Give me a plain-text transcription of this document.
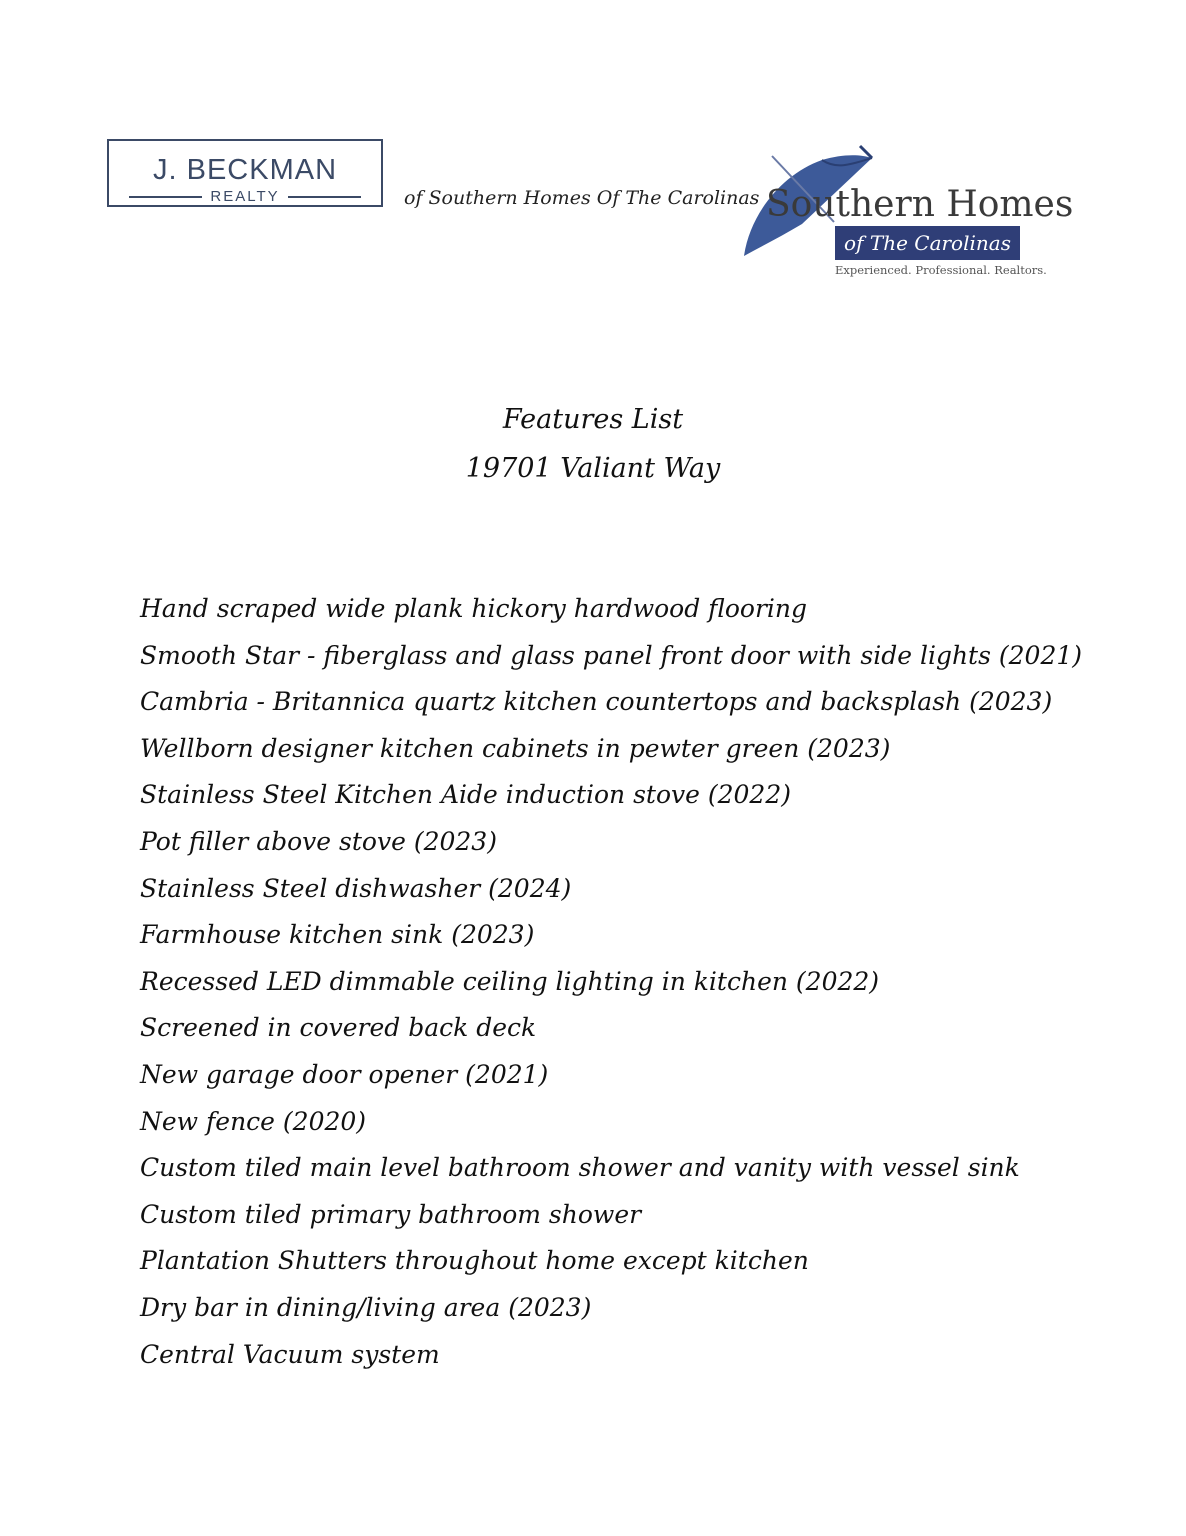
J. BECKMAN
REALTY	of Southern Homes Of The Carolinas Southern Homes
of The Carolinas
Experienced. Professional. Realtors.
Features List
19701 Valiant Way
Hand scraped wide plank hickory hardwood flooring
Smooth Star - fiberglass and glass panel front door with side lights (2021)
Cambria - Britannica quartz kitchen countertops and backsplash (2023)
Wellborn designer kitchen cabinets in pewter green (2023)
Stainless Steel Kitchen Aide induction stove (2022)
Pot filler above stove (2023)
Stainless Steel dishwasher (2024)
Farmhouse kitchen sink (2023)
Recessed LED dimmable ceiling lighting in kitchen (2022)
Screened in covered back deck
New garage door opener (2021)
New fence (2020)
Custom tiled main level bathroom shower and vanity with vessel sink
Custom tiled primary bathroom shower
Plantation Shutters throughout home except kitchen
Dry bar in dining/living area (2023)
Central Vacuum system
